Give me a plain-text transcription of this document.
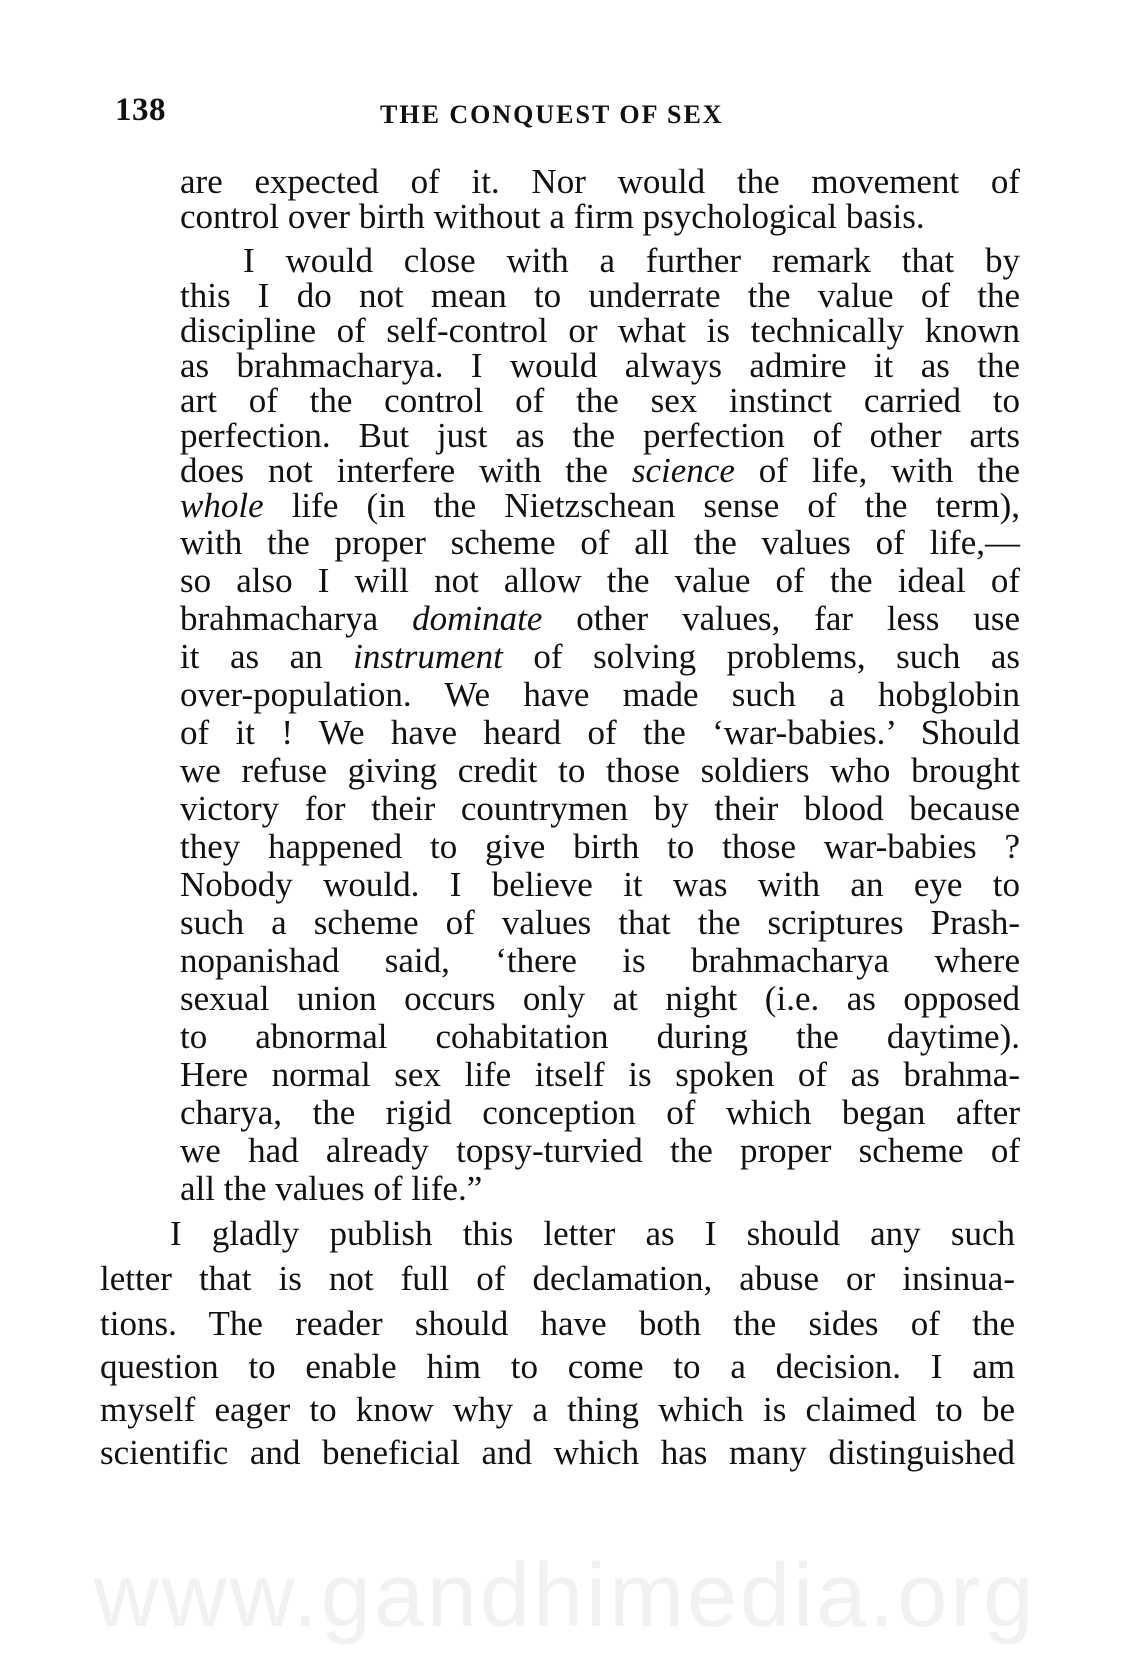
138	THE CONQUEST OF SEX
are expected of it. Nor would the movement of
control over birth without a firm psychological basis.
I would close with a further remark that by
this I do not mean to underrate the value of the
discipline of self-control or what is technically known
as brahmacharya. I would always admire it as the
art of the control of the sex instinct carried to
perfection. But just as the perfection of other arts
does not interfere with the science of life, with the
whole life (in the Nietzschean sense of the term),
with the proper scheme of all the values of life,—
so also I will not allow the value of the ideal of
brahmacharya dominate other values, far less use
it as an instrument of solving problems, such as
over-population. We have made such a hobglobin
of it ! We have heard of the ‘war-babies.’ Should
we refuse giving credit to those soldiers who brought
victory for their countrymen by their blood because
they happened to give birth to those war-babies ?
Nobody would. I believe it was with an eye to
such a scheme of values that the scriptures Prash-
nopanishad said, ‘there is brahmacharya where
sexual union occurs only at night (i.e. as opposed
to abnormal cohabitation during the daytime).
Here normal sex life itself is spoken of as brahma-
charya, the rigid conception of which began after
we had already topsy-turvied the proper scheme of
all the values of life.”
I gladly publish this letter as I should any such
letter that is not full of declamation, abuse or insinua-
tions. The reader should have both the sides of the
question to enable him to come to a decision. I am
myself eager to know why a thing which is claimed to be
scientific and beneficial and which has many distinguished
www.gandhimedia.org
